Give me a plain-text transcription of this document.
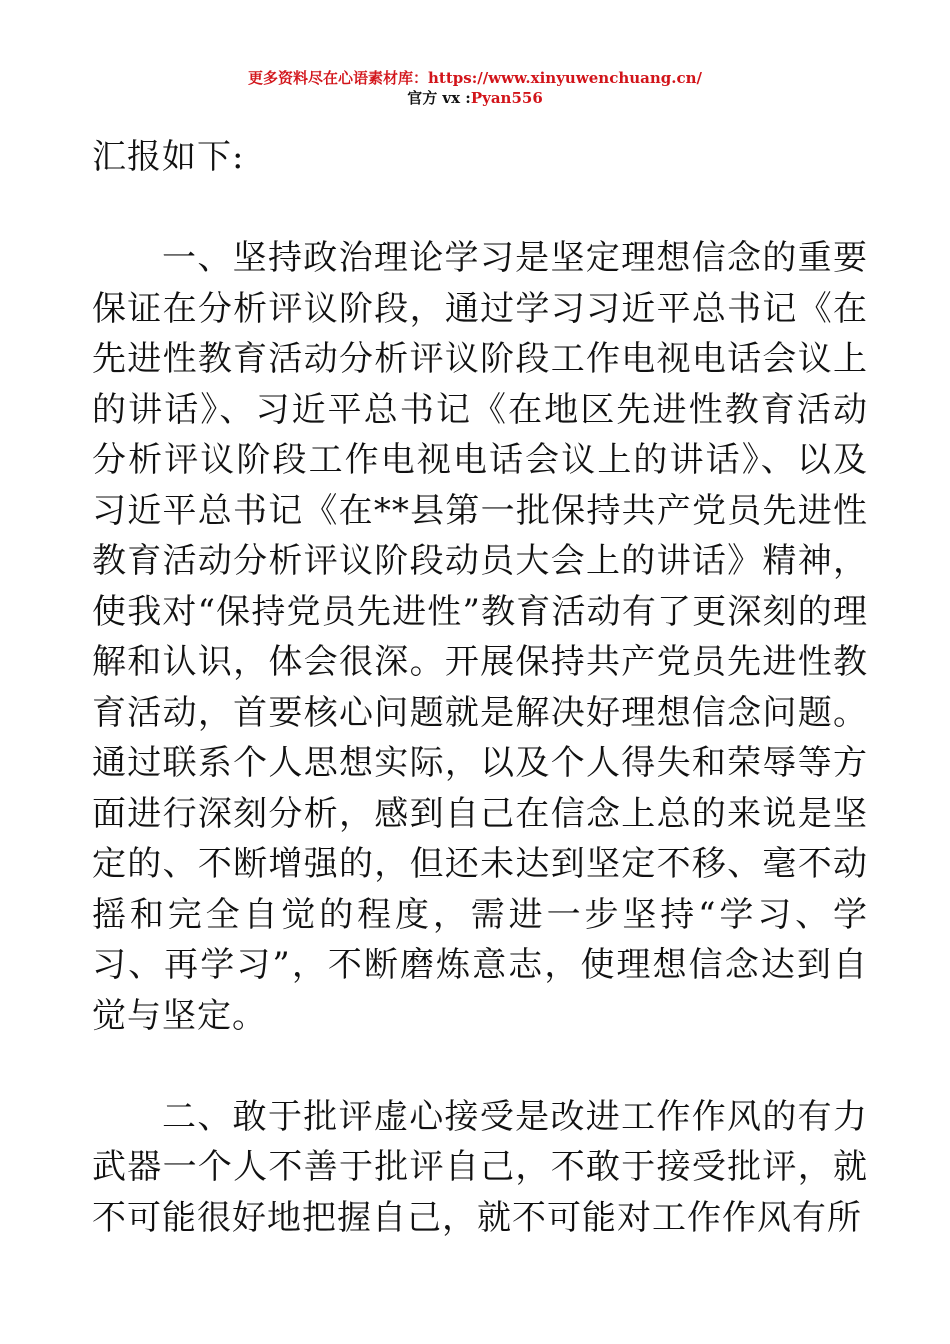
更多资料尽在心语素材库：https://www.xinyuwenchuang.cn/
官方 vx :Pyan556

汇报如下:

一、坚持政治理论学习是坚定理想信念的重要保证在分析评议阶段，通过学习习近平总书记《在先进性教育活动分析评议阶段工作电视电话会议上的讲话》、习近平总书记《在地区先进性教育活动分析评议阶段工作电视电话会议上的讲话》、以及习近平总书记《在**县第一批保持共产党员先进性教育活动分析评议阶段动员大会上的讲话》精神，使我对“保持党员先进性”教育活动有了更深刻的理解和认识，体会很深。开展保持共产党员先进性教育活动，首要核心问题就是解决好理想信念问题。通过联系个人思想实际，以及个人得失和荣辱等方面进行深刻分析，感到自己在信念上总的来说是坚定的、不断增强的，但还未达到坚定不移、毫不动摇和完全自觉的程度，需进一步坚持“学习、学习、再学习”，不断磨炼意志，使理想信念达到自觉与坚定。

二、敢于批评虚心接受是改进工作作风的有力武器一个人不善于批评自己，不敢于接受批评，就不可能很好地把握自己，就不可能对工作作风有所
